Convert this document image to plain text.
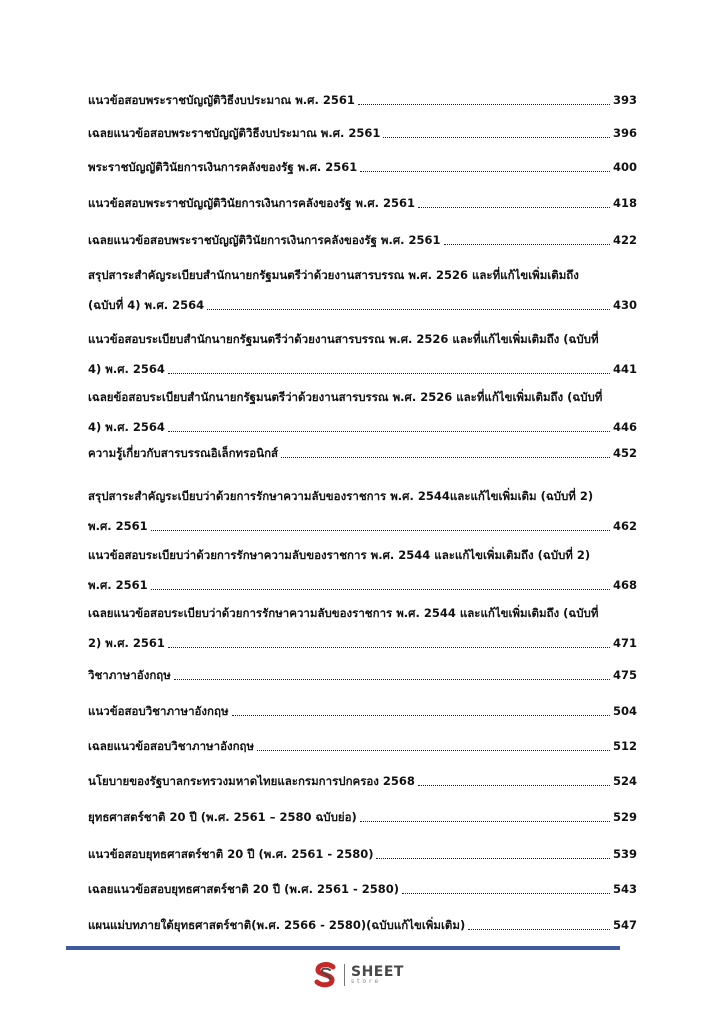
แนวข้อสอบพระราชบัญญัติวิธีงบประมาณ พ.ศ. 2561	393
เฉลยแนวข้อสอบพระราชบัญญัติวิธีงบประมาณ พ.ศ. 2561	396
พระราชบัญญัติวินัยการเงินการคลังของรัฐ พ.ศ. 2561	400
แนวข้อสอบพระราชบัญญัติวินัยการเงินการคลังของรัฐ พ.ศ. 2561	418
เฉลยแนวข้อสอบพระราชบัญญัติวินัยการเงินการคลังของรัฐ พ.ศ. 2561	422
สรุปสาระสำคัญระเบียบสำนักนายกรัฐมนตรีว่าด้วยงานสารบรรณ พ.ศ. 2526 และที่แก้ไขเพิ่มเติมถึง
(ฉบับที่ 4) พ.ศ. 2564	430
แนวข้อสอบระเบียบสำนักนายกรัฐมนตรีว่าด้วยงานสารบรรณ พ.ศ. 2526 และที่แก้ไขเพิ่มเติมถึง (ฉบับที่
4) พ.ศ. 2564	441
เฉลยข้อสอบระเบียบสำนักนายกรัฐมนตรีว่าด้วยงานสารบรรณ พ.ศ. 2526 และที่แก้ไขเพิ่มเติมถึง (ฉบับที่
4) พ.ศ. 2564	446
ความรู้เกี่ยวกับสารบรรณอิเล็กทรอนิกส์	452
สรุปสาระสำคัญระเบียบว่าด้วยการรักษาความลับของราชการ พ.ศ. 2544และแก้ไขเพิ่มเติม (ฉบับที่ 2)
พ.ศ. 2561	462
แนวข้อสอบระเบียบว่าด้วยการรักษาความลับของราชการ พ.ศ. 2544 และแก้ไขเพิ่มเติมถึง (ฉบับที่ 2)
พ.ศ. 2561	468
เฉลยแนวข้อสอบระเบียบว่าด้วยการรักษาความลับของราชการ พ.ศ. 2544 และแก้ไขเพิ่มเติมถึง (ฉบับที่
2) พ.ศ. 2561	471
วิชาภาษาอังกฤษ	475
แนวข้อสอบวิชาภาษาอังกฤษ	504
เฉลยแนวข้อสอบวิชาภาษาอังกฤษ	512
นโยบายของรัฐบาลกระทรวงมหาดไทยและกรมการปกครอง 2568	524
ยุทธศาสตร์ชาติ 20 ปี (พ.ศ. 2561 – 2580 ฉบับย่อ)	529
แนวข้อสอบยุทธศาสตร์ชาติ 20 ปี (พ.ศ. 2561 - 2580)	539
เฉลยแนวข้อสอบยุทธศาสตร์ชาติ 20 ปี (พ.ศ. 2561 - 2580)	543
แผนแม่บทภายใต้ยุทธศาสตร์ชาติ(พ.ศ. 2566 - 2580)(ฉบับแก้ไขเพิ่มเติม)	547
SHEET
store
